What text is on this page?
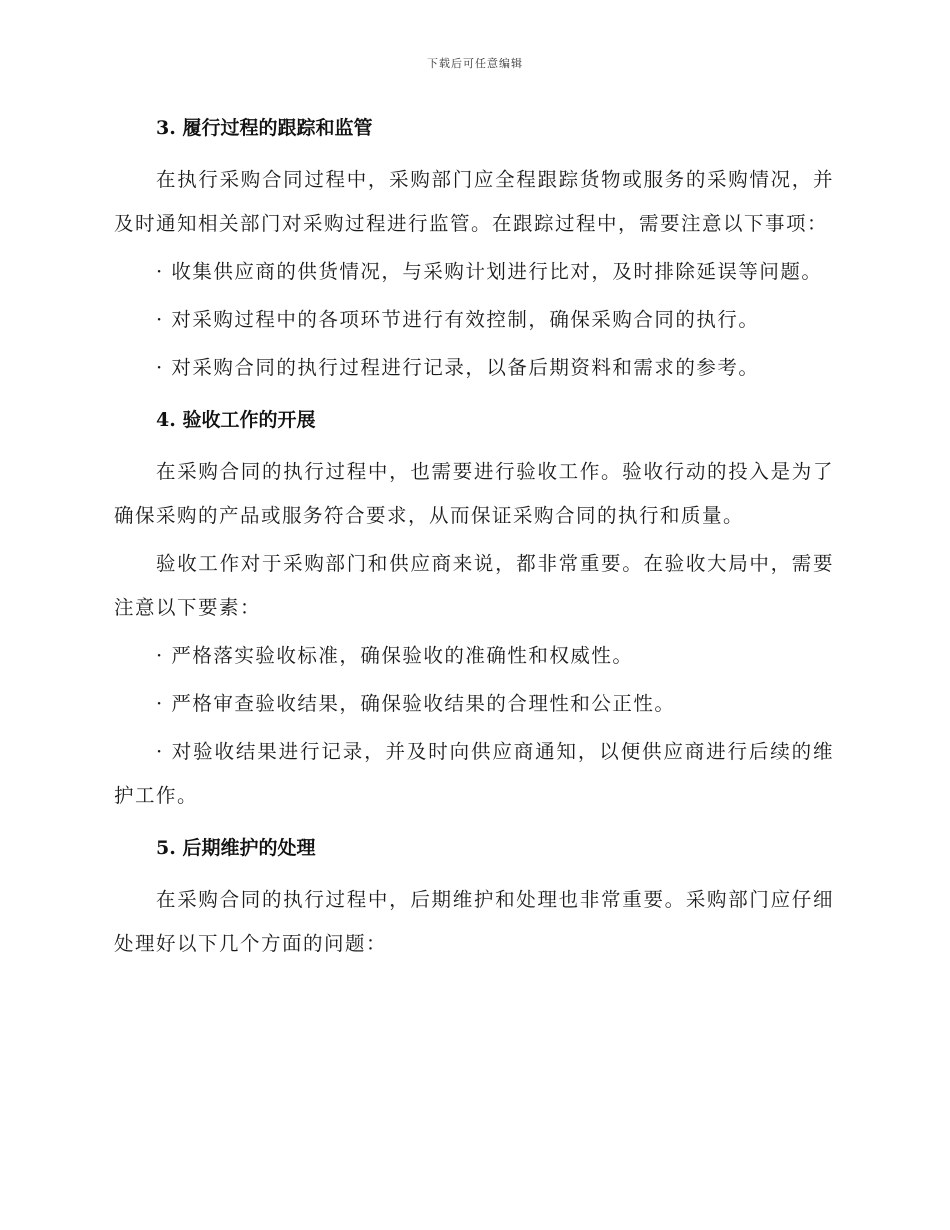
下载后可任意编辑
3. 履行过程的跟踪和监管

在执行采购合同过程中，采购部门应全程跟踪货物或服务的采购情况，并及时通知相关部门对采购过程进行监管。在跟踪过程中，需要注意以下事项：

· 收集供应商的供货情况，与采购计划进行比对，及时排除延误等问题。

· 对采购过程中的各项环节进行有效控制，确保采购合同的执行。

· 对采购合同的执行过程进行记录，以备后期资料和需求的参考。

4. 验收工作的开展

在采购合同的执行过程中，也需要进行验收工作。验收行动的投入是为了确保采购的产品或服务符合要求，从而保证采购合同的执行和质量。

验收工作对于采购部门和供应商来说，都非常重要。在验收大局中，需要注意以下要素：

· 严格落实验收标准，确保验收的准确性和权威性。

· 严格审查验收结果，确保验收结果的合理性和公正性。

· 对验收结果进行记录，并及时向供应商通知，以便供应商进行后续的维护工作。

5. 后期维护的处理

在采购合同的执行过程中，后期维护和处理也非常重要。采购部门应仔细处理好以下几个方面的问题：
